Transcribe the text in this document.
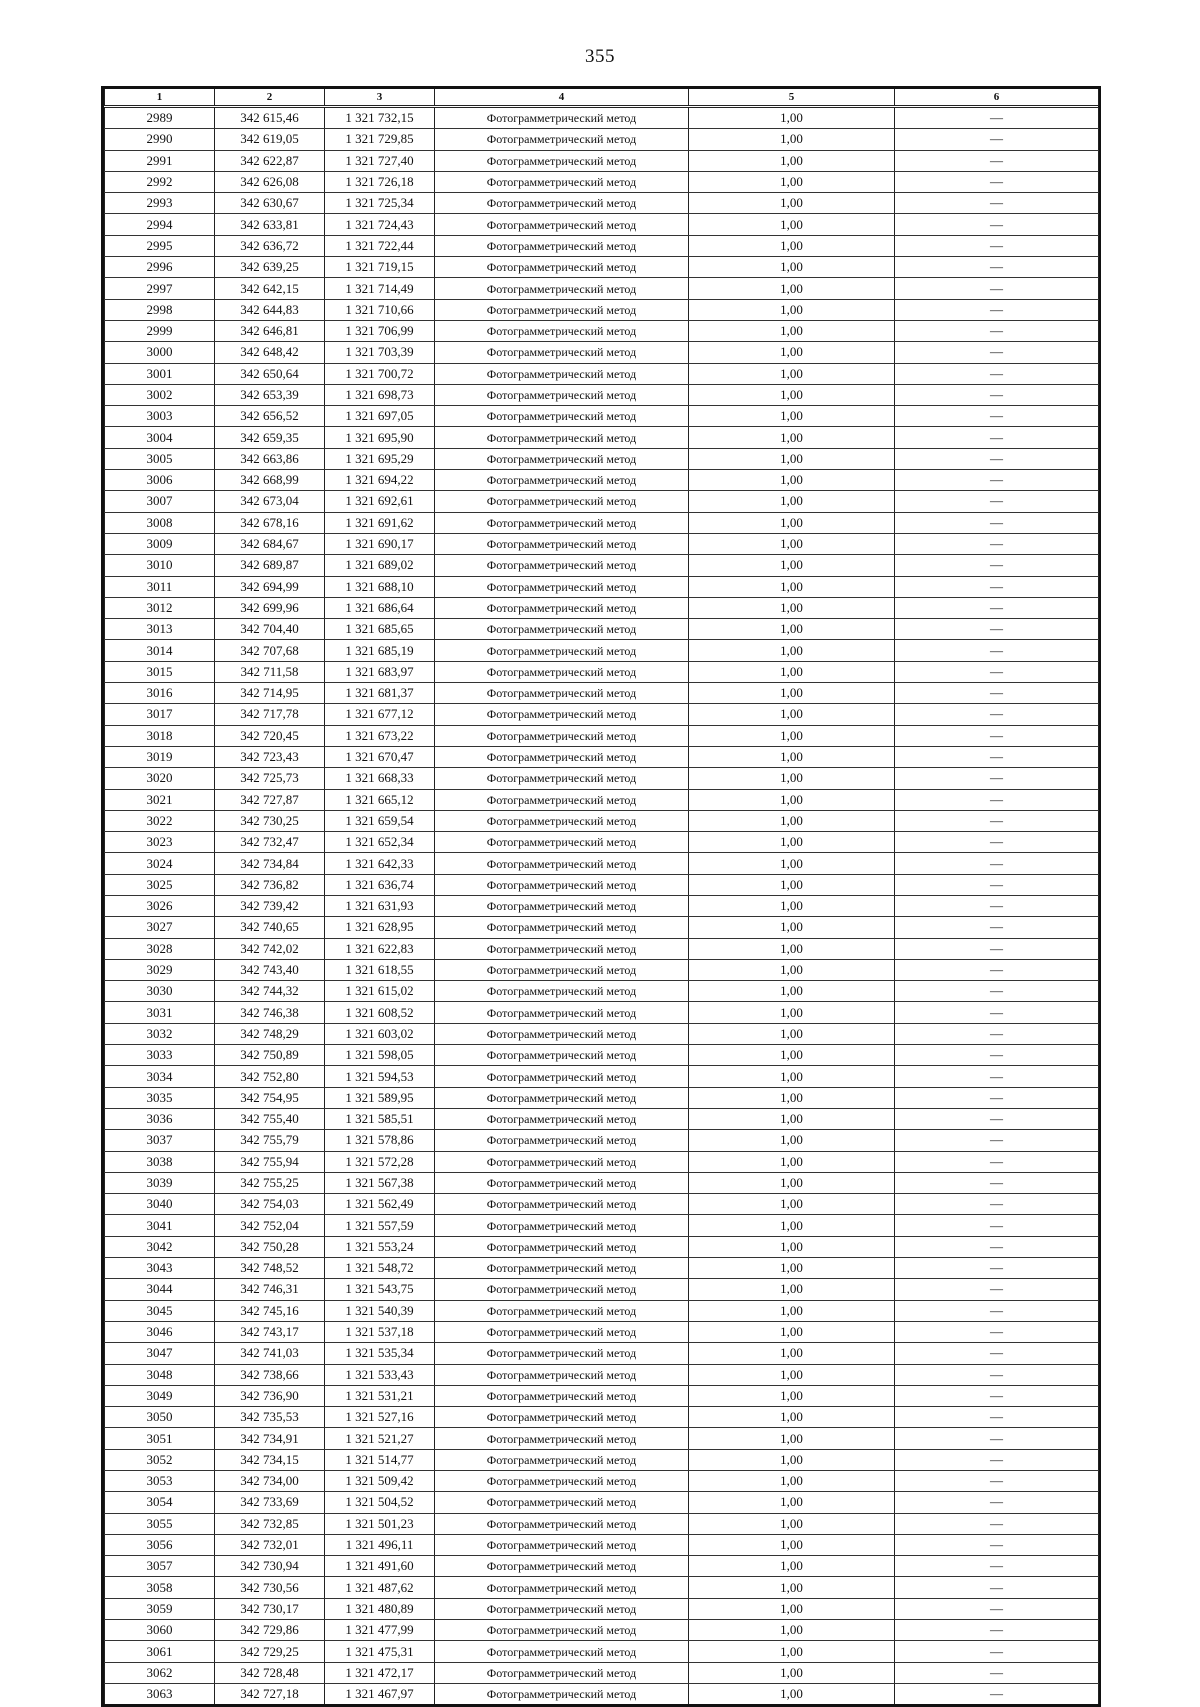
355
1	2	3	4	5	6
2989	342 615,46	1 321 732,15	Фотограмметрический метод	1,00	—
2990	342 619,05	1 321 729,85	Фотограмметрический метод	1,00	—
2991	342 622,87	1 321 727,40	Фотограмметрический метод	1,00	—
2992	342 626,08	1 321 726,18	Фотограмметрический метод	1,00	—
2993	342 630,67	1 321 725,34	Фотограмметрический метод	1,00	—
2994	342 633,81	1 321 724,43	Фотограмметрический метод	1,00	—
2995	342 636,72	1 321 722,44	Фотограмметрический метод	1,00	—
2996	342 639,25	1 321 719,15	Фотограмметрический метод	1,00	—
2997	342 642,15	1 321 714,49	Фотограмметрический метод	1,00	—
2998	342 644,83	1 321 710,66	Фотограмметрический метод	1,00	—
2999	342 646,81	1 321 706,99	Фотограмметрический метод	1,00	—
3000	342 648,42	1 321 703,39	Фотограмметрический метод	1,00	—
3001	342 650,64	1 321 700,72	Фотограмметрический метод	1,00	—
3002	342 653,39	1 321 698,73	Фотограмметрический метод	1,00	—
3003	342 656,52	1 321 697,05	Фотограмметрический метод	1,00	—
3004	342 659,35	1 321 695,90	Фотограмметрический метод	1,00	—
3005	342 663,86	1 321 695,29	Фотограмметрический метод	1,00	—
3006	342 668,99	1 321 694,22	Фотограмметрический метод	1,00	—
3007	342 673,04	1 321 692,61	Фотограмметрический метод	1,00	—
3008	342 678,16	1 321 691,62	Фотограмметрический метод	1,00	—
3009	342 684,67	1 321 690,17	Фотограмметрический метод	1,00	—
3010	342 689,87	1 321 689,02	Фотограмметрический метод	1,00	—
3011	342 694,99	1 321 688,10	Фотограмметрический метод	1,00	—
3012	342 699,96	1 321 686,64	Фотограмметрический метод	1,00	—
3013	342 704,40	1 321 685,65	Фотограмметрический метод	1,00	—
3014	342 707,68	1 321 685,19	Фотограмметрический метод	1,00	—
3015	342 711,58	1 321 683,97	Фотограмметрический метод	1,00	—
3016	342 714,95	1 321 681,37	Фотограмметрический метод	1,00	—
3017	342 717,78	1 321 677,12	Фотограмметрический метод	1,00	—
3018	342 720,45	1 321 673,22	Фотограмметрический метод	1,00	—
3019	342 723,43	1 321 670,47	Фотограмметрический метод	1,00	—
3020	342 725,73	1 321 668,33	Фотограмметрический метод	1,00	—
3021	342 727,87	1 321 665,12	Фотограмметрический метод	1,00	—
3022	342 730,25	1 321 659,54	Фотограмметрический метод	1,00	—
3023	342 732,47	1 321 652,34	Фотограмметрический метод	1,00	—
3024	342 734,84	1 321 642,33	Фотограмметрический метод	1,00	—
3025	342 736,82	1 321 636,74	Фотограмметрический метод	1,00	—
3026	342 739,42	1 321 631,93	Фотограмметрический метод	1,00	—
3027	342 740,65	1 321 628,95	Фотограмметрический метод	1,00	—
3028	342 742,02	1 321 622,83	Фотограмметрический метод	1,00	—
3029	342 743,40	1 321 618,55	Фотограмметрический метод	1,00	—
3030	342 744,32	1 321 615,02	Фотограмметрический метод	1,00	—
3031	342 746,38	1 321 608,52	Фотограмметрический метод	1,00	—
3032	342 748,29	1 321 603,02	Фотограмметрический метод	1,00	—
3033	342 750,89	1 321 598,05	Фотограмметрический метод	1,00	—
3034	342 752,80	1 321 594,53	Фотограмметрический метод	1,00	—
3035	342 754,95	1 321 589,95	Фотограмметрический метод	1,00	—
3036	342 755,40	1 321 585,51	Фотограмметрический метод	1,00	—
3037	342 755,79	1 321 578,86	Фотограмметрический метод	1,00	—
3038	342 755,94	1 321 572,28	Фотограмметрический метод	1,00	—
3039	342 755,25	1 321 567,38	Фотограмметрический метод	1,00	—
3040	342 754,03	1 321 562,49	Фотограмметрический метод	1,00	—
3041	342 752,04	1 321 557,59	Фотограмметрический метод	1,00	—
3042	342 750,28	1 321 553,24	Фотограмметрический метод	1,00	—
3043	342 748,52	1 321 548,72	Фотограмметрический метод	1,00	—
3044	342 746,31	1 321 543,75	Фотограмметрический метод	1,00	—
3045	342 745,16	1 321 540,39	Фотограмметрический метод	1,00	—
3046	342 743,17	1 321 537,18	Фотограмметрический метод	1,00	—
3047	342 741,03	1 321 535,34	Фотограмметрический метод	1,00	—
3048	342 738,66	1 321 533,43	Фотограмметрический метод	1,00	—
3049	342 736,90	1 321 531,21	Фотограмметрический метод	1,00	—
3050	342 735,53	1 321 527,16	Фотограмметрический метод	1,00	—
3051	342 734,91	1 321 521,27	Фотограмметрический метод	1,00	—
3052	342 734,15	1 321 514,77	Фотограмметрический метод	1,00	—
3053	342 734,00	1 321 509,42	Фотограмметрический метод	1,00	—
3054	342 733,69	1 321 504,52	Фотограмметрический метод	1,00	—
3055	342 732,85	1 321 501,23	Фотограмметрический метод	1,00	—
3056	342 732,01	1 321 496,11	Фотограмметрический метод	1,00	—
3057	342 730,94	1 321 491,60	Фотограмметрический метод	1,00	—
3058	342 730,56	1 321 487,62	Фотограмметрический метод	1,00	—
3059	342 730,17	1 321 480,89	Фотограмметрический метод	1,00	—
3060	342 729,86	1 321 477,99	Фотограмметрический метод	1,00	—
3061	342 729,25	1 321 475,31	Фотограмметрический метод	1,00	—
3062	342 728,48	1 321 472,17	Фотограмметрический метод	1,00	—
3063	342 727,18	1 321 467,97	Фотограмметрический метод	1,00	—
